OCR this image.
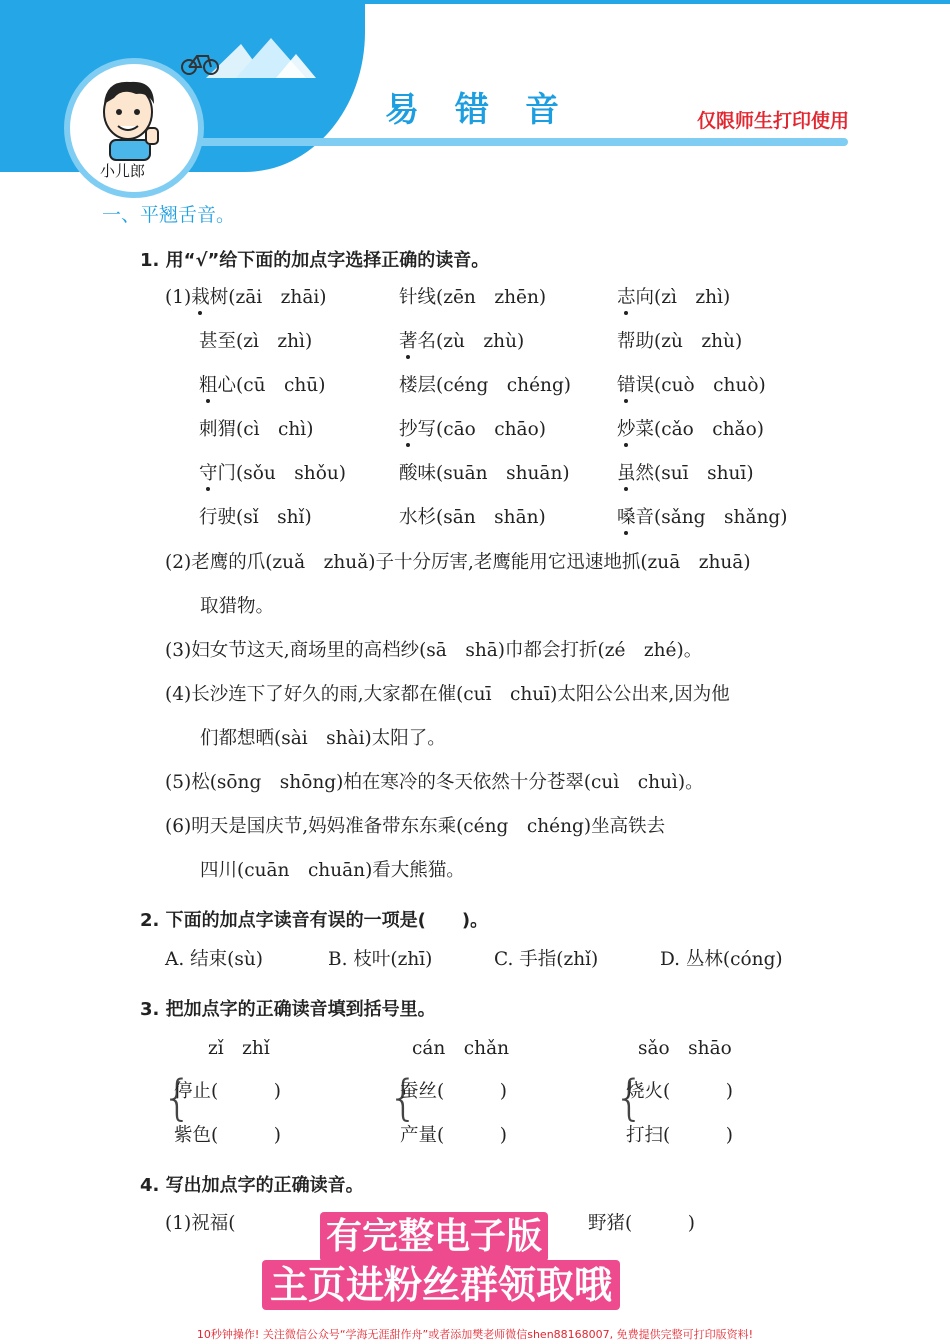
小儿郎
易错音	仅限师生打印使用
一、平翘舌音。
1. 用“√”给下面的加点字选择正确的读音。
(1)栽树(zāi　zhāi)	针线(zēn　zhēn)	志向(zì　zhì)
甚至(zì　zhì)	著名(zù　zhù)	帮助(zù　zhù)
粗心(cū　chū)	楼层(céng　chéng) 错误(cuò　chuò)
刺猬(cì　chì)	抄写(cāo　chāo)	炒菜(cǎo　chǎo)
守门(sǒu　shǒu)	酸味(suān　shuān)	虽然(suī　shuī)
行驶(sǐ　shǐ)	水杉(sān　shān)	嗓音(sǎng　shǎng)
(2)老鹰的爪(zuǎ　zhuǎ)子十分厉害,老鹰能用它迅速地抓(zuā　zhuā)
取猎物。
(3)妇女节这天,商场里的高档纱(sā　shā)巾都会打折(zé　zhé)。
(4)长沙连下了好久的雨,大家都在催(cuī　chuī)太阳公公出来,因为他
们都想晒(sài　shài)太阳了。
(5)松(sōng　shōng)柏在寒冷的冬天依然十分苍翠(cuì　chuì)。
(6)明天是国庆节,妈妈准备带东东乘(céng　chéng)坐高铁去
四川(cuān　chuān)看大熊猫。
2. 下面的加点字读音有误的一项是(　　)。
A. 结束(sù)	B. 枝叶(zhī)	C. 手指(zhǐ)	D. 丛林(cóng)
3. 把加点字的正确读音填到括号里。
zǐ　zhǐ
{
停止(　　　)
紫色(　　　)
cán　chǎn
{
蚕丝(　　　)
产量(　　　)
sǎo　shāo
{
烧火(　　　)
打扫(　　　)
4. 写出加点字的正确读音。
(1)祝福(	野猪(　　　)
有完整电子版
主页进粉丝群领取哦
10秒钟操作! 关注微信公众号“学海无涯甜作舟”或者添加樊老师微信shen88168007, 免费提供完整可打印版资料!
